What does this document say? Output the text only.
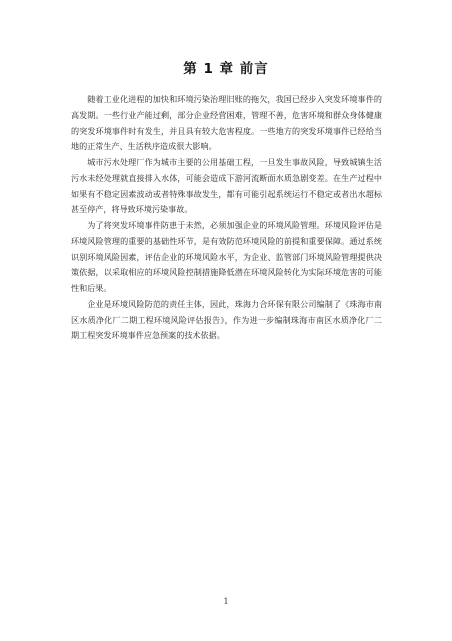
第 1 章 前言

随着工业化进程的加快和环境污染治理旧账的拖欠，我国已经步入突发环境事件的高发期。一些行业产能过剩，部分企业经营困难，管理不善，危害环境和群众身体健康的突发环境事件时有发生，并且具有较大危害程度。一些地方的突发环境事件已经给当地的正常生产、生活秩序造成很大影响。

城市污水处理厂作为城市主要的公用基础工程，一旦发生事故风险，导致城镇生活污水未经处理就直接排入水体，可能会造成下游河流断面水质急剧变差。在生产过程中如果有不稳定因素波动或者特殊事故发生，都有可能引起系统运行不稳定或者出水超标甚至停产，将导致环境污染事故。

为了将突发环境事件防患于未然，必须加强企业的环境风险管理。环境风险评估是环境风险管理的重要的基础性环节，是有效防范环境风险的前提和重要保障。通过系统识别环境风险因素，评估企业的环境风险水平，为企业、监管部门环境风险管理提供决策依据，以采取相应的环境风险控制措施降低潜在环境风险转化为实际环境危害的可能性和后果。

企业是环境风险防范的责任主体，因此，珠海力合环保有限公司编制了《珠海市南区水质净化厂二期工程环境风险评估报告》，作为进一步编制珠海市南区水质净化厂二期工程突发环境事件应急预案的技术依据。

1
